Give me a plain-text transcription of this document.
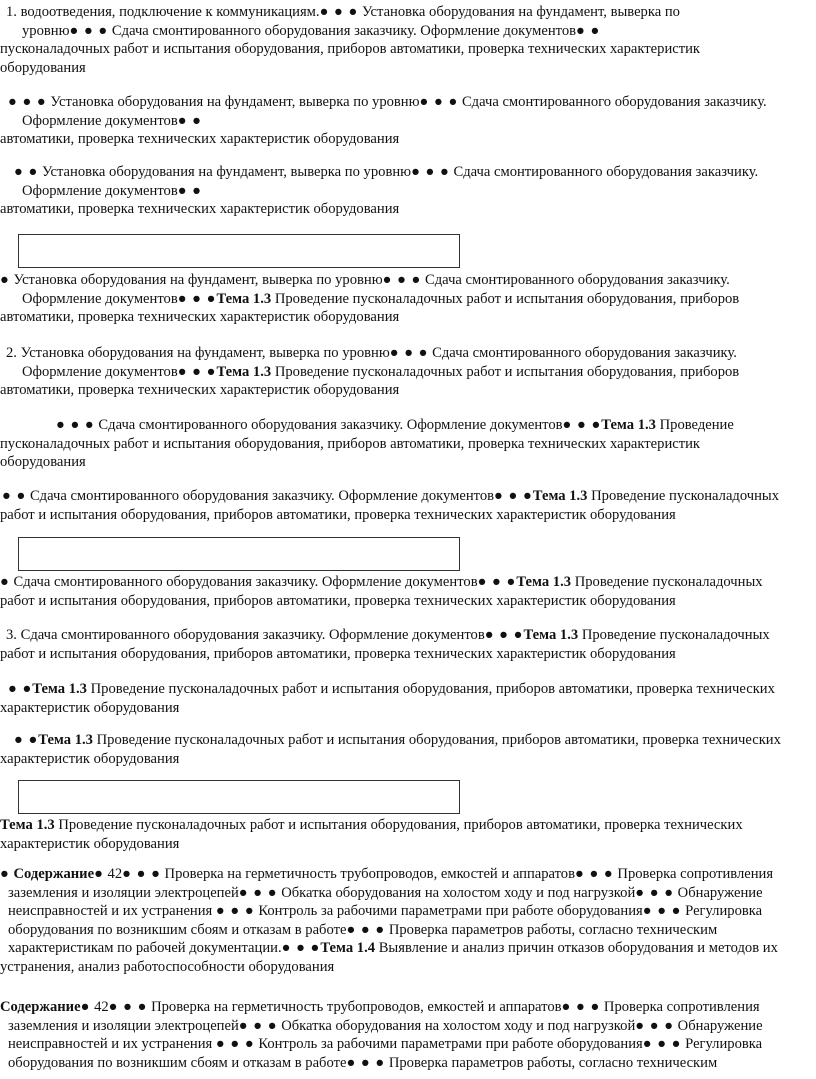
1. водоотведения, подключение к коммуникациям.● ● ● Установка оборудования на фундамент, выверка по

уровню● ● ● Сдача смонтированного оборудования заказчику. Оформление документов● ●

пусконаладочных работ и испытания оборудования, приборов автоматики, проверка технических характеристик

оборудования

● ● ● Установка оборудования на фундамент, выверка по уровню● ● ● Сдача смонтированного оборудования заказчику.

Оформление документов● ●

автоматики, проверка технических характеристик оборудования

● ● Установка оборудования на фундамент, выверка по уровню● ● ● Сдача смонтированного оборудования заказчику.

Оформление документов● ●

автоматики, проверка технических характеристик оборудования

● Установка оборудования на фундамент, выверка по уровню● ● ● Сдача смонтированного оборудования заказчику.

Оформление документов● ● ●Тема 1.3 Проведение пусконаладочных работ и испытания оборудования, приборов

автоматики, проверка технических характеристик оборудования

2. Установка оборудования на фундамент, выверка по уровню● ● ● Сдача смонтированного оборудования заказчику.

Оформление документов● ● ●Тема 1.3 Проведение пусконаладочных работ и испытания оборудования, приборов

автоматики, проверка технических характеристик оборудования

● ● ● Сдача смонтированного оборудования заказчику. Оформление документов● ● ●Тема 1.3 Проведение

пусконаладочных работ и испытания оборудования, приборов автоматики, проверка технических характеристик

оборудования

● ● Сдача смонтированного оборудования заказчику. Оформление документов● ● ●Тема 1.3 Проведение пусконаладочных

работ и испытания оборудования, приборов автоматики, проверка технических характеристик оборудования

● Сдача смонтированного оборудования заказчику. Оформление документов● ● ●Тема 1.3 Проведение пусконаладочных

работ и испытания оборудования, приборов автоматики, проверка технических характеристик оборудования

3. Сдача смонтированного оборудования заказчику. Оформление документов● ● ●Тема 1.3 Проведение пусконаладочных

работ и испытания оборудования, приборов автоматики, проверка технических характеристик оборудования

● ●Тема 1.3 Проведение пусконаладочных работ и испытания оборудования, приборов автоматики, проверка технических

характеристик оборудования

● ●Тема 1.3 Проведение пусконаладочных работ и испытания оборудования, приборов автоматики, проверка технических

характеристик оборудования

Тема 1.3 Проведение пусконаладочных работ и испытания оборудования, приборов автоматики, проверка технических

характеристик оборудования

● Содержание● 42● ● ● Проверка на герметичность трубопроводов, емкостей и аппаратов● ● ● Проверка сопротивления

заземления и изоляции электроцепей● ● ● Обкатка оборудования на холостом ходу и под нагрузкой● ● ● Обнаружение

неисправностей и их устранения ● ● ● Контроль за рабочими параметрами при работе оборудования● ● ● Регулировка

оборудования по возникшим сбоям и отказам в работе● ● ● Проверка параметров работы, согласно техническим

характеристикам по рабочей документации.● ● ●Тема 1.4 Выявление и анализ причин отказов оборудования и методов их

устранения, анализ работоспособности оборудования

Содержание● 42● ● ● Проверка на герметичность трубопроводов, емкостей и аппаратов● ● ● Проверка сопротивления

заземления и изоляции электроцепей● ● ● Обкатка оборудования на холостом ходу и под нагрузкой● ● ● Обнаружение

неисправностей и их устранения ● ● ● Контроль за рабочими параметрами при работе оборудования● ● ● Регулировка

оборудования по возникшим сбоям и отказам в работе● ● ● Проверка параметров работы, согласно техническим
